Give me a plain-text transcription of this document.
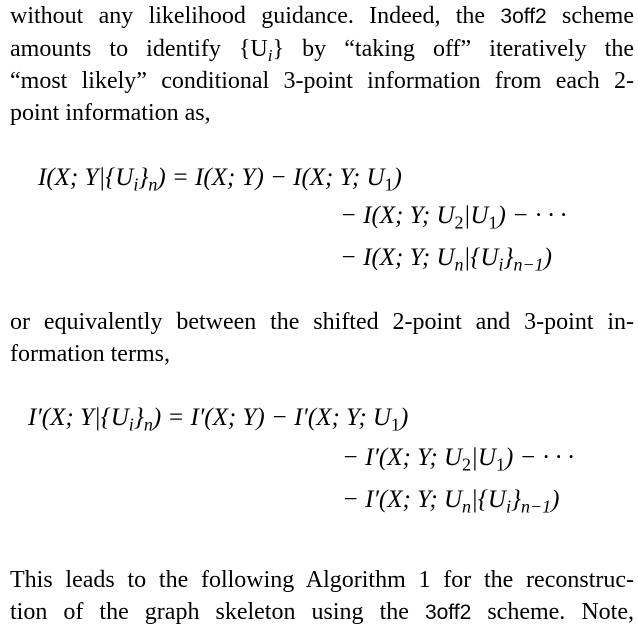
without any likelihood guidance. Indeed, the 3off2 scheme

amounts to identify $\{U_i\}$ by “taking off” iteratively the

“most likely” conditional 3-point information from each 2-

point information as,

I(X; $Y|\{U_i\}_n) = I(X$; Y) − I(X; Y; $U_1$)
− I(X; Y; $U_2|U_1$) − · · ·
− I(X; Y; $U_n|\{U_i\}_{n-1}$)

or equivalently between the shifted 2-point and 3-point in-

formation terms,

I′(X; $Y|\{U_i\}_n) = I'(X$; Y) − I′(X; Y; $U_1$)
− I′(X; Y; $U_2|U_1$) − · · ·
− I′(X; Y; $U_n|\{U_i\}_{n-1}$)

This leads to the following Algorithm 1 for the reconstruc-

tion of the graph skeleton using the 3off2 scheme. Note,
